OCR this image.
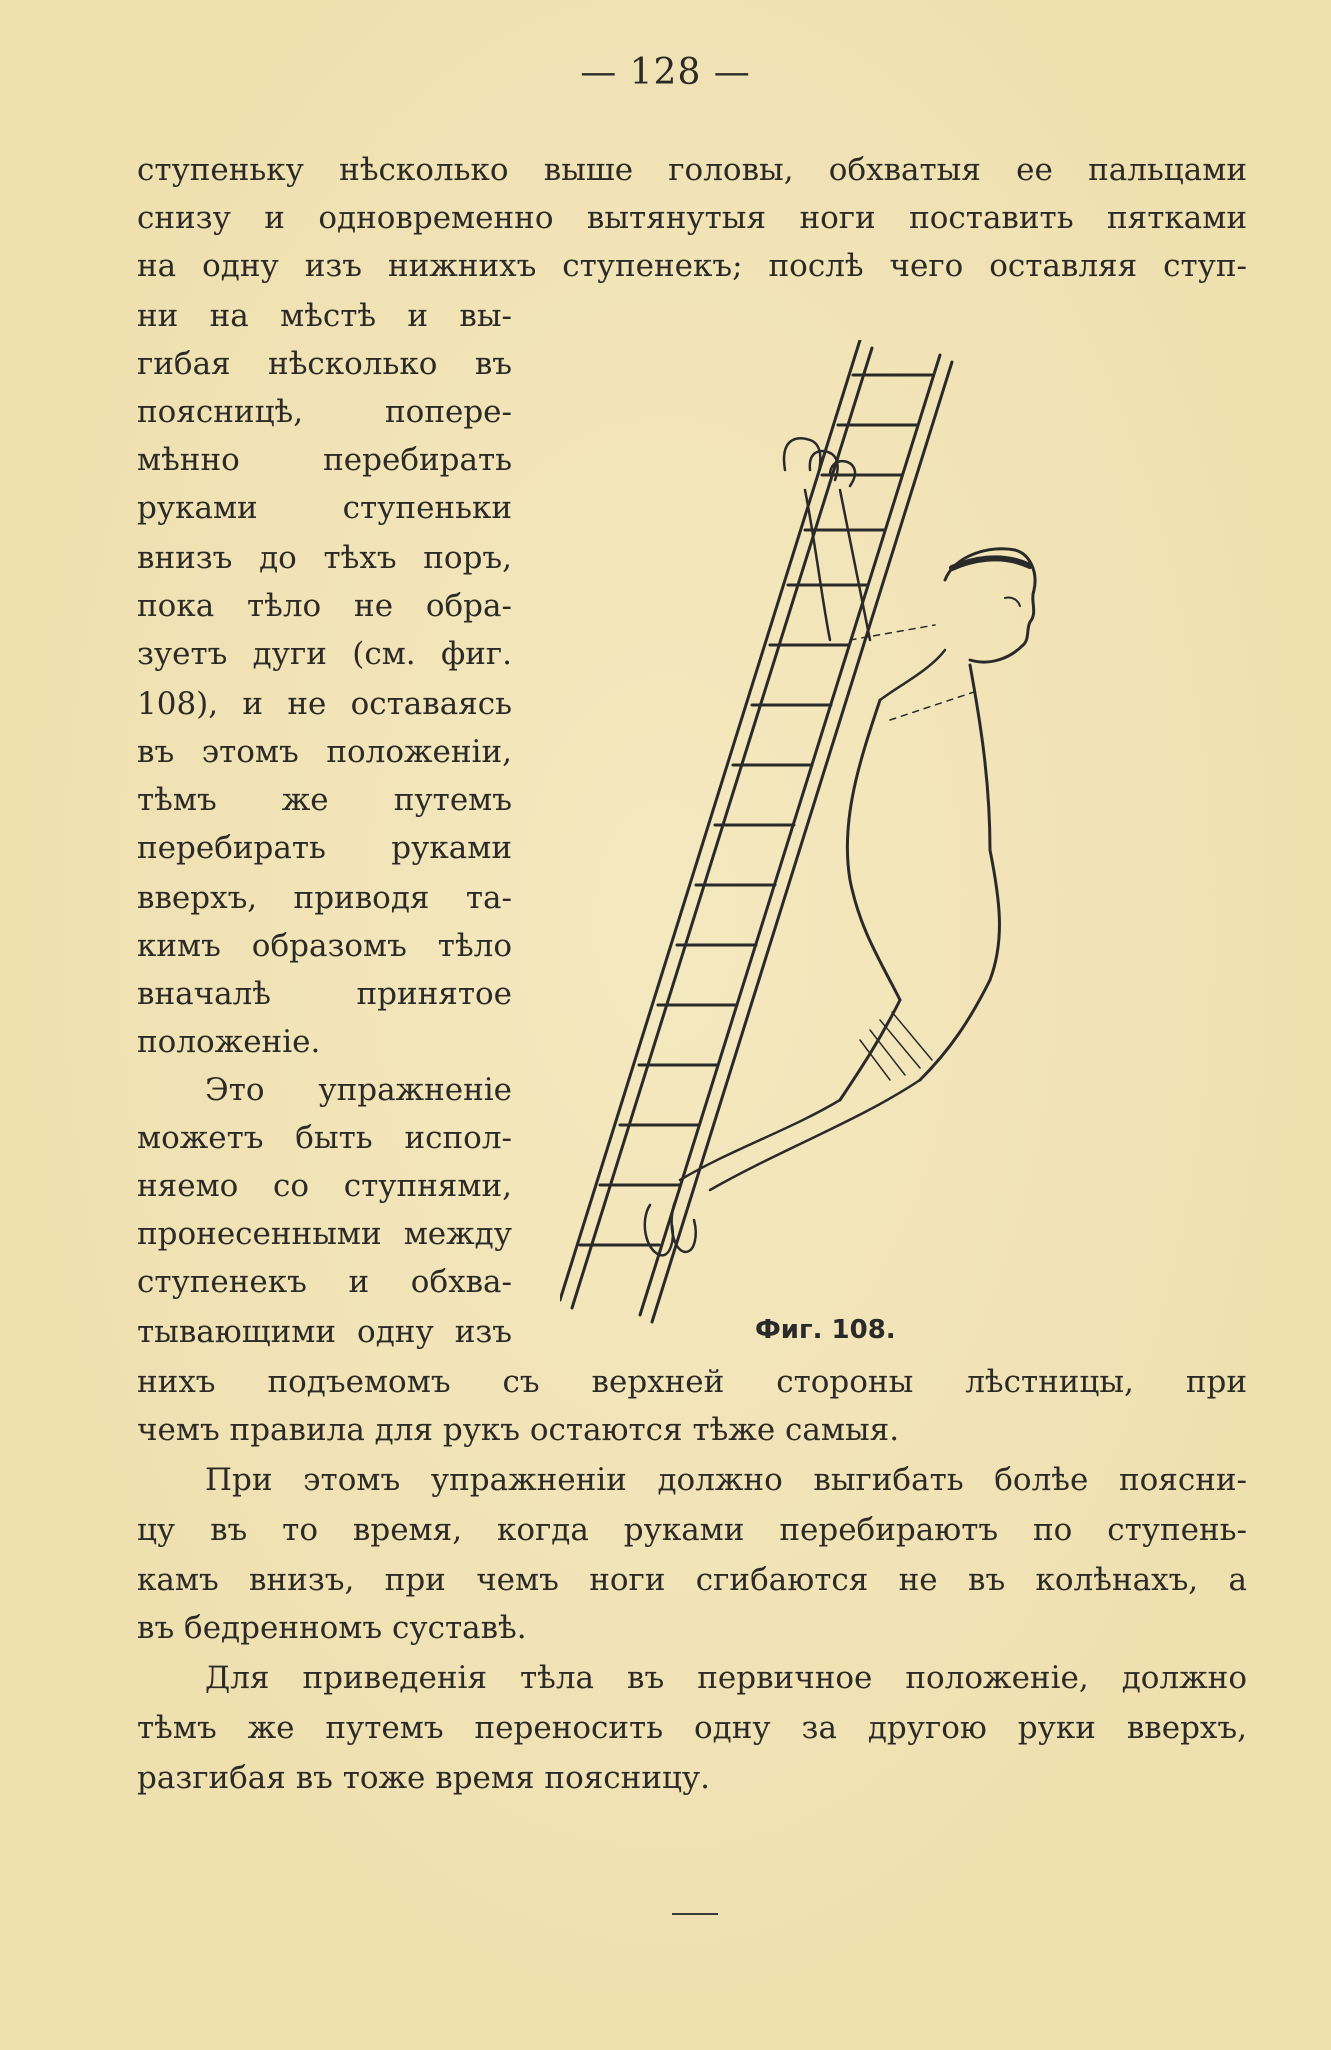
— 128 —
ступеньку нѣсколько выше головы, обхватыя ее пальцами
снизу и одновременно вытянутыя ноги поставить пятками
на одну изъ нижнихъ ступенекъ; послѣ чего оставляя ступ-
ни на мѣстѣ и вы-
гибая нѣсколько въ
поясницѣ, попере-
мѣнно перебирать
руками ступеньки
внизъ до тѣхъ поръ,
пока тѣло не обра-
зуетъ дуги (см. фиг.
108), и не оставаясь
въ этомъ положеніи,
тѣмъ же путемъ
перебирать руками
вверхъ, приводя та-
кимъ образомъ тѣло
вначалѣ принятое
положеніе.
Это упражненіе
можетъ быть испол-
няемо со ступнями,
пронесенными между
ступенекъ и обхва-
тывающими одну изъ	Фиг. 108.
нихъ подъемомъ съ верхней стороны лѣстницы, при
чемъ правила для рукъ остаются тѣже самыя.
При этомъ упражненіи должно выгибать болѣе поясни-
цу въ то время, когда руками перебираютъ по ступень-
камъ внизъ, при чемъ ноги сгибаются не въ колѣнахъ, а
въ бедренномъ суставѣ.
Для приведенія тѣла въ первичное положеніе, должно
тѣмъ же путемъ переносить одну за другою руки вверхъ,
разгибая въ тоже время поясницу.
